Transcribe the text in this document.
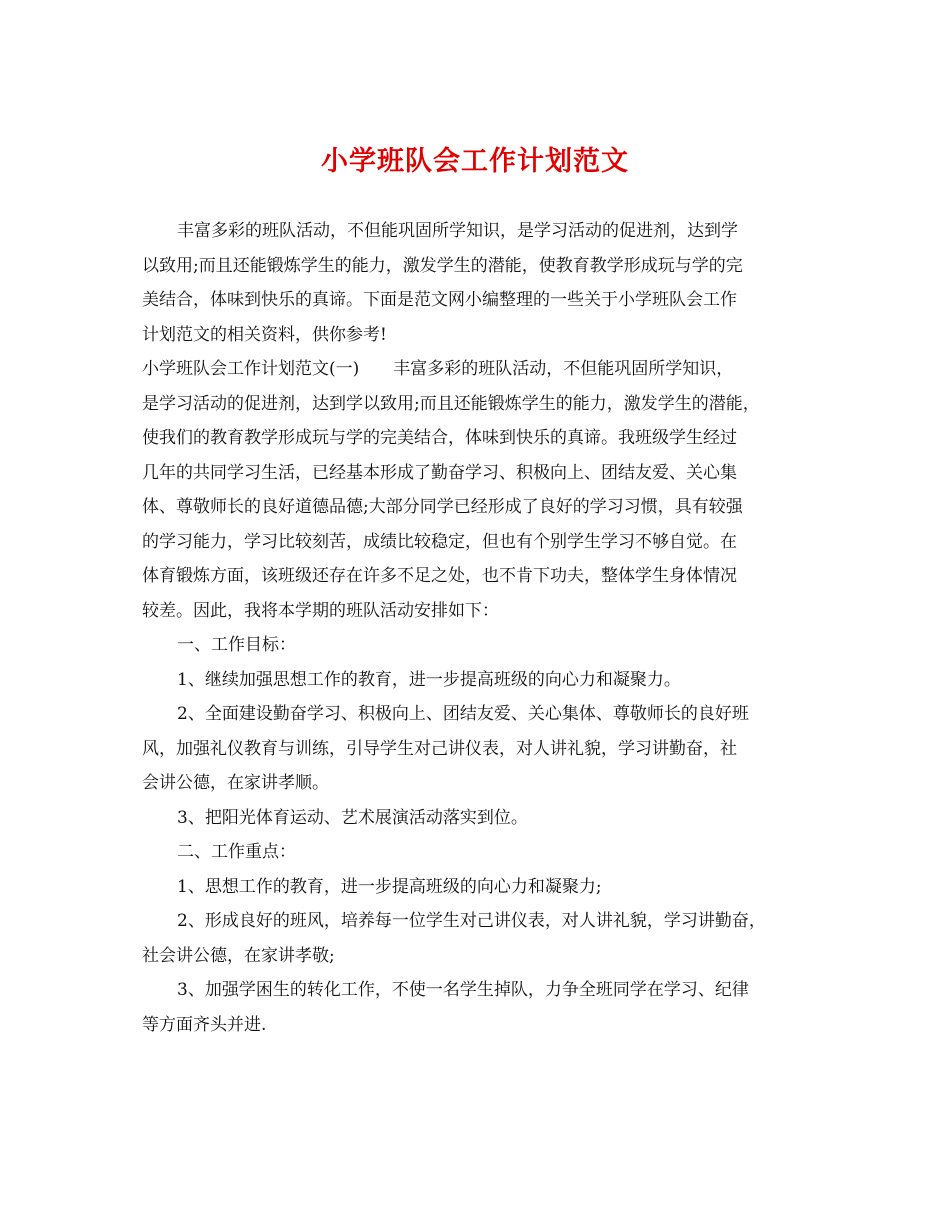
小学班队会工作计划范文
丰富多彩的班队活动，不但能巩固所学知识，是学习活动的促进剂，达到学
以致用;而且还能锻炼学生的能力，激发学生的潜能，使教育教学形成玩与学的完
美结合，体味到快乐的真谛。下面是范文网小编整理的一些关于小学班队会工作
计划范文的相关资料，供你参考!
小学班队会工作计划范文(一)　　丰富多彩的班队活动，不但能巩固所学知识，
是学习活动的促进剂，达到学以致用;而且还能锻炼学生的能力，激发学生的潜能，
使我们的教育教学形成玩与学的完美结合，体味到快乐的真谛。我班级学生经过
几年的共同学习生活，已经基本形成了勤奋学习、积极向上、团结友爱、关心集
体、尊敬师长的良好道德品德;大部分同学已经形成了良好的学习习惯，具有较强
的学习能力，学习比较刻苦，成绩比较稳定，但也有个别学生学习不够自觉。在
体育锻炼方面，该班级还存在许多不足之处，也不肯下功夫，整体学生身体情况
较差。因此，我将本学期的班队活动安排如下：
一、工作目标：
1、继续加强思想工作的教育，进一步提高班级的向心力和凝聚力。
2、全面建设勤奋学习、积极向上、团结友爱、关心集体、尊敬师长的良好班
风，加强礼仪教育与训练，引导学生对己讲仪表，对人讲礼貌，学习讲勤奋，社
会讲公德，在家讲孝顺。
3、把阳光体育运动、艺术展演活动落实到位。
二、工作重点：
1、思想工作的教育，进一步提高班级的向心力和凝聚力;
2、形成良好的班风，培养每一位学生对己讲仪表，对人讲礼貌，学习讲勤奋，
社会讲公德，在家讲孝敬;
3、加强学困生的转化工作，不使一名学生掉队，力争全班同学在学习、纪律
等方面齐头并进.
